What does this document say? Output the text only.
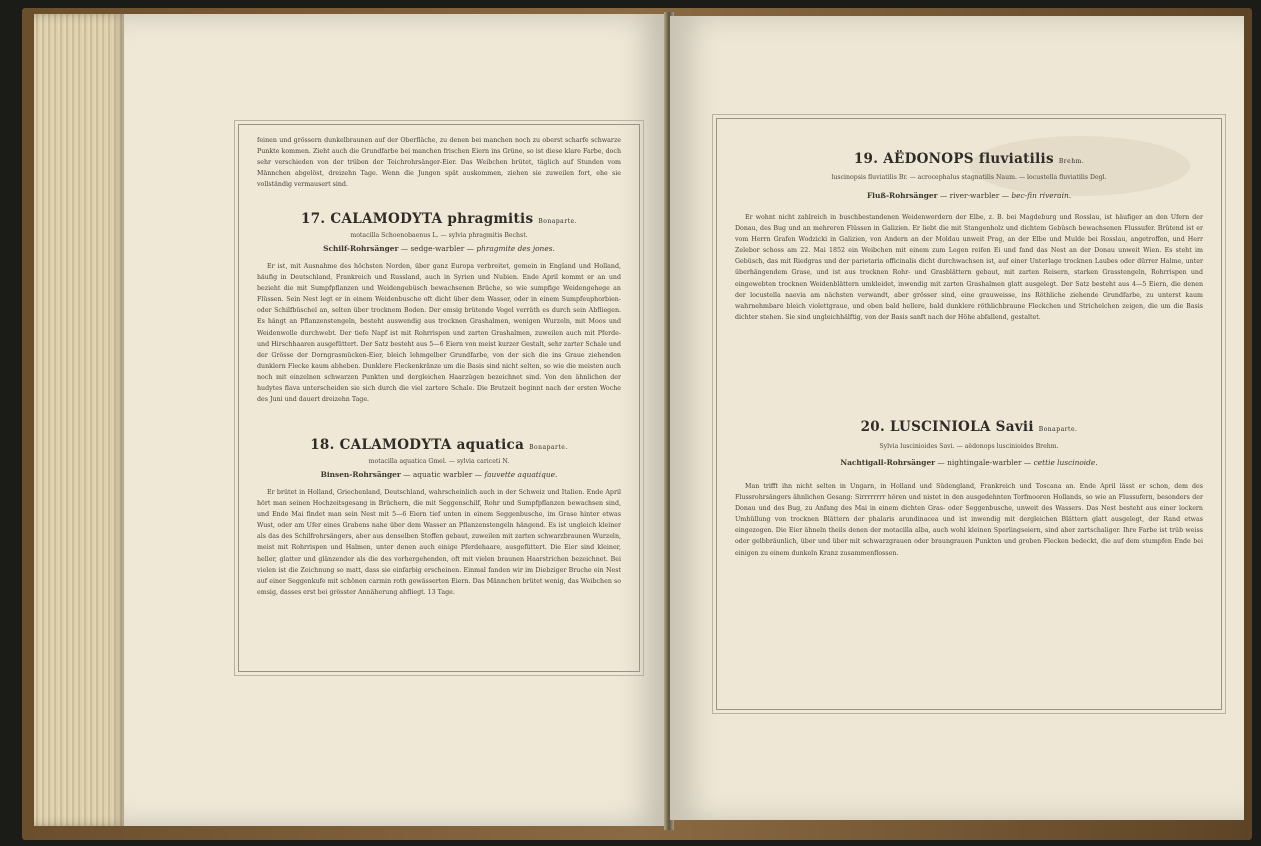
feinen und grössern dunkelbraunen auf der Oberfläche, zu denen bei manchen noch zu oberst scharfe schwarze Punkte kommen. Zieht auch die Grundfarbe bei manchen frischen Eiern ins Grüne, so ist diese klare Farbe, doch sehr verschieden von der trüben der Teichrohrsänger-Eier. Das Weibchen brütet, täglich auf Stunden vom Männchen abgelöst, dreizehn Tage. Wenn die Jungen spät auskommen, ziehen sie zuweilen fort, ehe sie vollständig vermausert sind.

17. CALAMODYTA phragmitis Bonaparte.

motacilla Schoenobaenus L. — sylvia phragmitis Bechst.

Schilf-Rohrsänger — sedge-warbler — phragmite des jones.

Er ist, mit Ausnahme des höchsten Norden, über ganz Europa verbreitet, gemein in England und Holland, häufig in Deutschland, Frankreich und Russland, auch in Syrien und Nubien. Ende April kommt er an und bezieht die mit Sumpfpflanzen und Weidengebüsch bewachsenen Brüche, so wie sumpfige Weidengehege an Flüssen. Sein Nest legt er in einem Weidenbusche oft dicht über dem Wasser, oder in einem Sumpfeuphorbien- oder Schilfbüschel an, selten über trocknem Boden. Der emsig brütende Vogel verräth es durch sein Abfliegen. Es hängt an Pflanzenstengeln, besteht auswendig aus trocknen Grashalmen, wenigen Wurzeln, mit Moos und Weidenwolle durchwebt. Der tiefe Napf ist mit Rohrrispen und zarten Grashalmen, zuweilen auch mit Pferde- und Hirschhaaren ausgefüttert. Der Satz besteht aus 5—6 Eiern von meist kurzer Gestalt, sehr zarter Schale und der Grösse der Dorngrasmücken-Eier, bleich lehmgelber Grundfarbe, von der sich die ins Graue ziehenden dunklern Flecke kaum abheben. Dunklere Fleckenkränze um die Basis sind nicht selten, so wie die meisten auch noch mit einzelnen schwarzen Punkten und dergleichen Haarzügen bezeichnet sind. Von den ähnlichen der hudytes flava unterscheiden sie sich durch die viel zartere Schale. Die Brutzeit beginnt nach der ersten Woche des Juni und dauert dreizehn Tage.

18. CALAMODYTA aquatica Bonaparte.

motacilla aquatica Gmel. — sylvia cariceti N.

Binsen-Rohrsänger — aquatic warbler — fauvette aquatique.

Er brütet in Holland, Griechenland, Deutschland, wahrscheinlich auch in der Schweiz und Italien. Ende April hört man seinen Hochzeitsgesang in Brüchern, die mit Seggenschilf, Rohr und Sumpfpflanzen bewachsen sind, und Ende Mai findet man sein Nest mit 5—6 Eiern tief unten in einem Seggenbusche, im Grase hinter etwas Wust, oder am Ufer eines Grabens nahe über dem Wasser an Pflanzenstengeln hängend. Es ist ungleich kleiner als das des Schilfrohrsängers, aber aus denselben Stoffen gebaut, zuweilen mit zarten schwarzbraunen Wurzeln, meist mit Rohrrispen und Halmen, unter denen auch einige Pferdehaare, ausgefüttert. Die Eier sind kleiner, heller, glatter und glänzender als die des vorhergehenden, oft mit vielen braunen Haarstrichen bezeichnet. Bei vielen ist die Zeichnung so matt, dass sie einfarbig erscheinen. Einmal fanden wir im Diebziger Bruche ein Nest auf einer Seggenkufe mit schönen carmin roth gewässerten Eiern. Das Männchen brütet wenig, das Weibchen so emsig, dasses erst bei grösster Annäherung abfliegt. 13 Tage.

19. AËDONOPS fluviatilis Brehm.

luscinopsis fluviatilis Br. — acrocephalus stagnatilis Naum. — locustella fluviatilis Degl.

Fluß-Rohrsänger — river-warbler — bec-fin riverain.

Er wohnt nicht zahlreich in buschbestandenen Weidenwerdern der Elbe, z. B. bei Magdeburg und Rosslau, ist häufiger an den Ufern der Donau, des Bug und an mehreren Flüssen in Galizien. Er liebt die mit Stangenholz und dichtem Gebüsch bewachsenen Flussufer. Brütend ist er vom Herrn Grafen Wodzicki in Galizien, von Andern an der Moldau unweit Prag, an der Elbe und Mulde bei Rosslau, angetroffen, und Herr Zelebor schoss am 22. Mai 1852 ein Weibchen mit einem zum Legen reifen Ei und fand das Nest an der Donau unweit Wien. Es steht im Gebüsch, das mit Riedgras und der parietaria officinalis dicht durchwachsen ist, auf einer Unterlage trocknen Laubes oder dürrer Halme, unter überhängendem Grase, und ist aus trocknen Rohr- und Grasblättern gebaut, mit zarten Reisern, starken Grasstengeln, Rohrrispen und eingewebten trocknen Weidenblättern umkleidet, inwendig mit zarten Grashalmen glatt ausgelegt. Der Satz besteht aus 4—5 Eiern, die denen der locustella naevia am nächsten verwandt, aber grösser sind, eine grauweisse, ins Röthliche ziehende Grundfarbe, zu unterst kaum wahrnehmbare bleich violettgraue, und oben bald hellere, bald dunklere röthlichbraune Fleckchen und Strichelchen zeigen, die um die Basis dichter stehen. Sie sind ungleichhälftig, von der Basis sanft nach der Höhe abfallend, gestaltet.

20. LUSCINIOLA Savii Bonaparte.

Sylvia luscinioides Savi. — aëdonops luscinioides Brehm.

Nachtigall-Rohrsänger — nightingale-warbler — cettie luscinoide.

Man trifft ihn nicht selten in Ungarn, in Holland und Südengland, Frankreich und Toscana an. Ende April lässt er schon, dem des Flussrohrsängers ähnlichen Gesang: Sirrrrrrrr hören und nistet in den ausgedehnten Torfmooren Hollands, so wie an Flussufern, besonders der Donau und des Bug, zu Anfang des Mai in einem dichten Gras- oder Seggenbusche, unweit des Wassers. Das Nest besteht aus einer lockern Umhüllung von trocknen Blättern der phalaris arundinacea und ist inwendig mit dergleichen Blättern glatt ausgelegt, der Rand etwas eingezogen. Die Eier ähneln theils denen der motacilla alba, auch wohl kleinen Sperlingseiern, sind aber zartschaliger. Ihre Farbe ist trüb weiss oder gelbbräunlich, über und über mit schwarzgrauen oder braungrauen Punkten und groben Flecken bedeckt, die auf dem stumpfen Ende bei einigen zu einem dunkeln Kranz zusammenflossen.
